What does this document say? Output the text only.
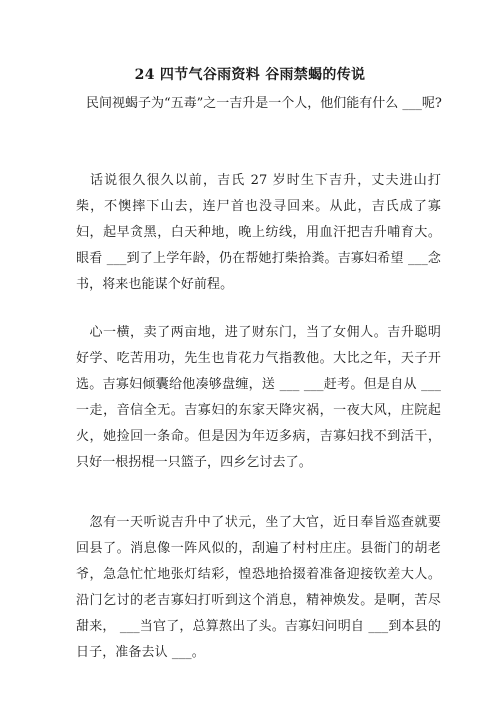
24 四节气谷雨资料 谷雨禁蝎的传说
民间视蝎子为“五毒”之一吉升是一个人，他们能有什么 ___呢?
话说很久很久以前，吉氏 27 岁时生下吉升，丈夫进山打柴，不懊摔下山去，连尸首也没寻回来。从此，吉氏成了寡妇，起早贪黑，白天种地，晚上纺线，用血汗把吉升哺育大。眼看 ___到了上学年龄，仍在帮她打柴拾粪。吉寡妇希望 ___念书，将来也能谋个好前程。
心一横，卖了两亩地，进了财东门，当了女佣人。吉升聪明好学、吃苦用功，先生也肯花力气指教他。大比之年，天子开选。吉寡妇倾囊给他凑够盘缠，送 ___ ___赶考。但是自从 ___一走，音信全无。吉寡妇的东家天降灾祸，一夜大风，庄院起火，她捡回一条命。但是因为年迈多病，吉寡妇找不到活干，只好一根拐棍一只篮子，四乡乞讨去了。
忽有一天听说吉升中了状元，坐了大官，近日奉旨巡查就要回县了。消息像一阵风似的，刮遍了村村庄庄。县衙门的胡老爷，急急忙忙地张灯结彩，惶恐地拾掇着准备迎接钦差大人。沿门乞讨的老吉寡妇打听到这个消息，精神焕发。是啊，苦尽甜来， ___当官了，总算熬出了头。吉寡妇问明自 ___到本县的日子，准备去认 ___。
